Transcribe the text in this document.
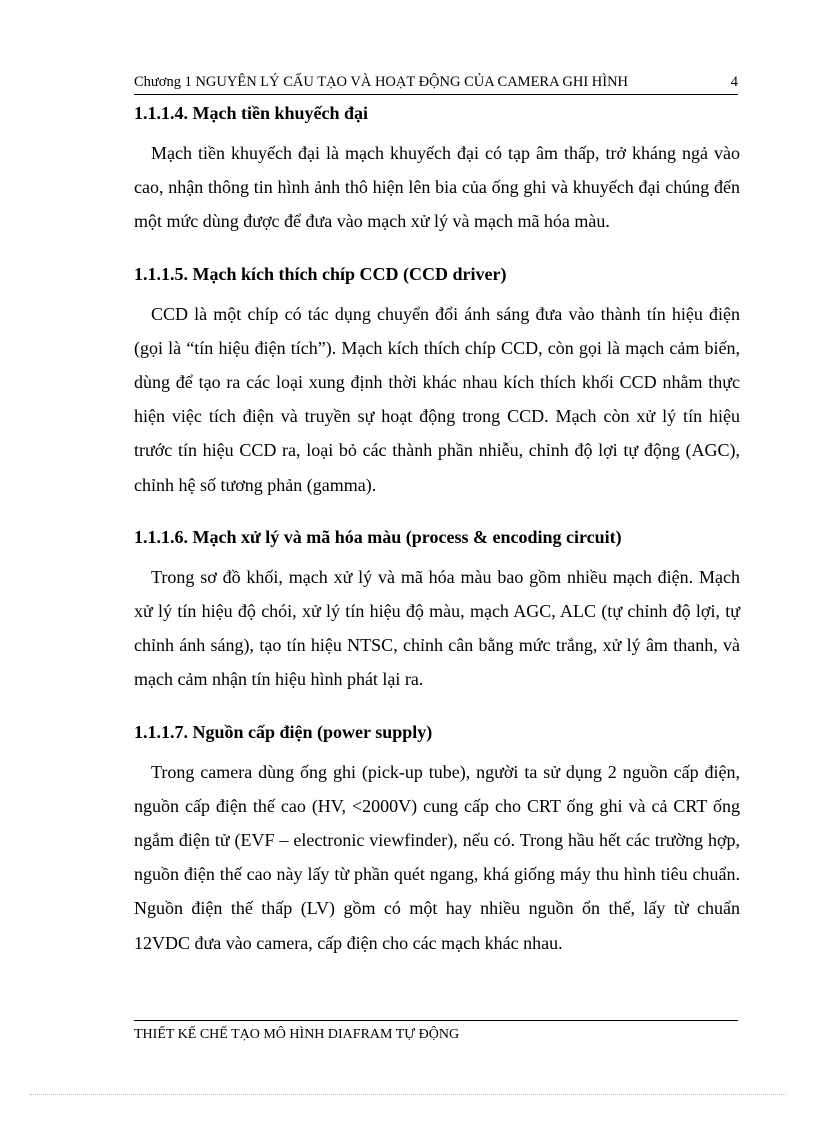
Chương 1 NGUYÊN LÝ CẤU TẠO VÀ HOẠT ĐỘNG CỦA CAMERA GHI HÌNH	4
1.1.1.4. Mạch tiền khuyếch đại

Mạch tiền khuyếch đại là mạch khuyếch đại có tạp âm thấp, trở kháng ngả vào cao, nhận thông tin hình ảnh thô hiện lên bia của ống ghi và khuyếch đại chúng đến một mức dùng được để đưa vào mạch xử lý và mạch mã hóa màu.

1.1.1.5. Mạch kích thích chíp CCD (CCD driver)

CCD là một chíp có tác dụng chuyển đổi ánh sáng đưa vào thành tín hiệu điện (gọi là “tín hiệu điện tích”). Mạch kích thích chíp CCD, còn gọi là mạch cảm biến, dùng để tạo ra các loại xung định thời khác nhau kích thích khối CCD nhằm thực hiện việc tích điện và truyền sự hoạt động trong CCD. Mạch còn xử lý tín hiệu trước tín hiệu CCD ra, loại bỏ các thành phần nhiễu, chỉnh độ lợi tự động (AGC), chỉnh hệ số tương phản (gamma).

1.1.1.6. Mạch xử lý và mã hóa màu (process & encoding circuit)

Trong sơ đồ khối, mạch xử lý và mã hóa màu bao gồm nhiều mạch điện. Mạch xử lý tín hiệu độ chói, xử lý tín hiệu độ màu, mạch AGC, ALC (tự chỉnh độ lợi, tự chỉnh ánh sáng), tạo tín hiệu NTSC, chỉnh cân bằng mức trắng, xử lý âm thanh, và mạch cảm nhận tín hiệu hình phát lại ra.

1.1.1.7. Nguồn cấp điện (power supply)

Trong camera dùng ống ghi (pick-up tube), người ta sử dụng 2 nguồn cấp điện, nguồn cấp điện thế cao (HV, <2000V) cung cấp cho CRT ống ghi và cả CRT ống ngắm điện tử (EVF – electronic viewfinder), nếu có. Trong hầu hết các trường hợp, nguồn điện thế cao này lấy từ phần quét ngang, khá giống máy thu hình tiêu chuẩn. Nguồn điện thế thấp (LV) gồm có một hay nhiều nguồn ổn thế, lấy từ chuẩn 12VDC đưa vào camera, cấp điện cho các mạch khác nhau.

THIẾT KẾ CHẾ TẠO MÔ HÌNH DIAFRAM TỰ ĐỘNG
